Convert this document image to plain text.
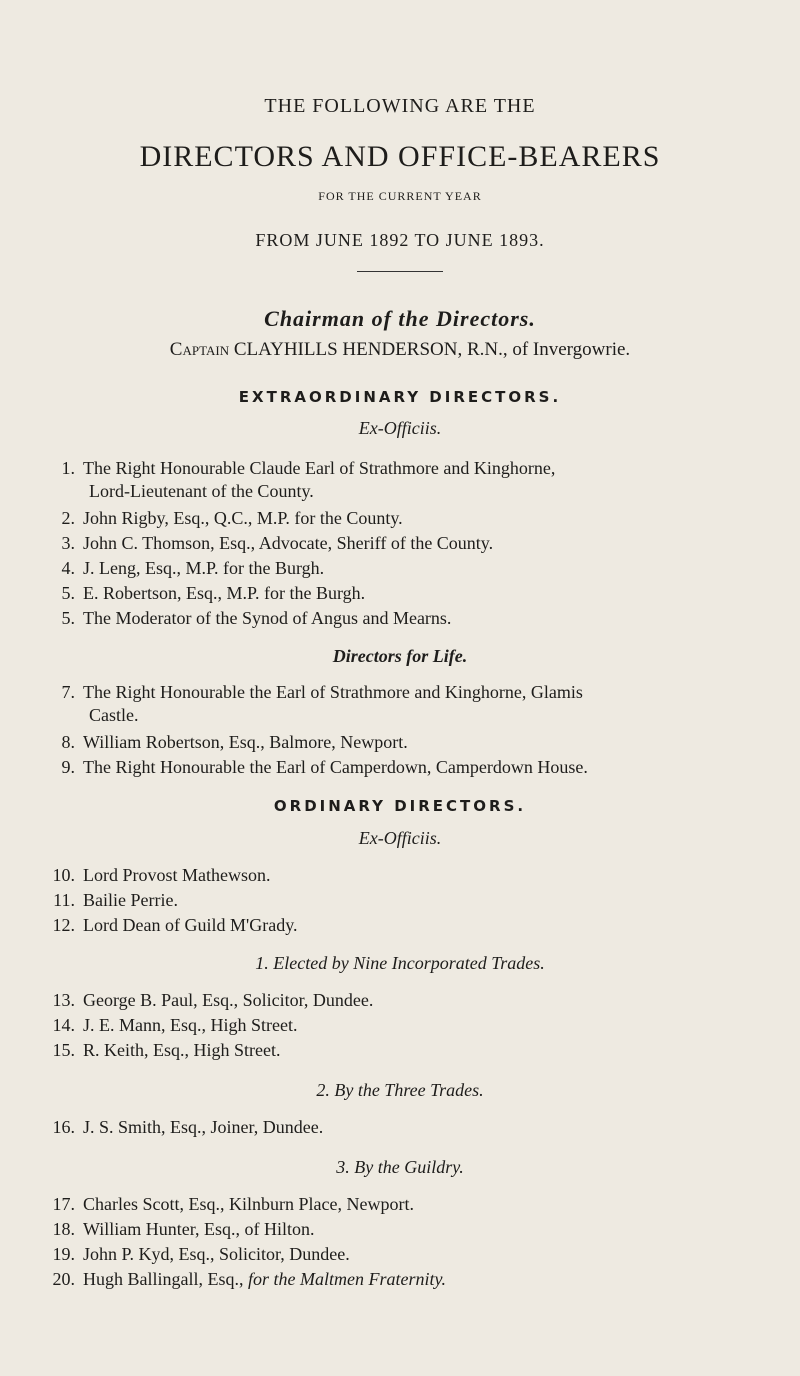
THE FOLLOWING ARE THE
DIRECTORS AND OFFICE-BEARERS
FOR THE CURRENT YEAR
FROM JUNE 1892 TO JUNE 1893.
Chairman of the Directors.
Captain CLAYHILLS HENDERSON, R.N., of Invergowrie.
EXTRAORDINARY DIRECTORS.
Ex-Officiis.
1. The Right Honourable Claude Earl of Strathmore and Kinghorne,
Lord-Lieutenant of the County.
2. John Rigby, Esq., Q.C., M.P. for the County.
3. John C. Thomson, Esq., Advocate, Sheriff of the County.
4. J. Leng, Esq., M.P. for the Burgh.
5. E. Robertson, Esq., M.P. for the Burgh.
5. The Moderator of the Synod of Angus and Mearns.
Directors for Life.
7. The Right Honourable the Earl of Strathmore and Kinghorne, Glamis
Castle.
8. William Robertson, Esq., Balmore, Newport.
9. The Right Honourable the Earl of Camperdown, Camperdown House.
ORDINARY DIRECTORS.
Ex-Officiis.
10. Lord Provost Mathewson.
11. Bailie Perrie.
12. Lord Dean of Guild M'Grady.
1. Elected by Nine Incorporated Trades.
13. George B. Paul, Esq., Solicitor, Dundee.
14. J. E. Mann, Esq., High Street.
15. R. Keith, Esq., High Street.
2. By the Three Trades.
16. J. S. Smith, Esq., Joiner, Dundee.
3. By the Guildry.
17. Charles Scott, Esq., Kilnburn Place, Newport.
18. William Hunter, Esq., of Hilton.
19. John P. Kyd, Esq., Solicitor, Dundee.
20. Hugh Ballingall, Esq., for the Maltmen Fraternity.
